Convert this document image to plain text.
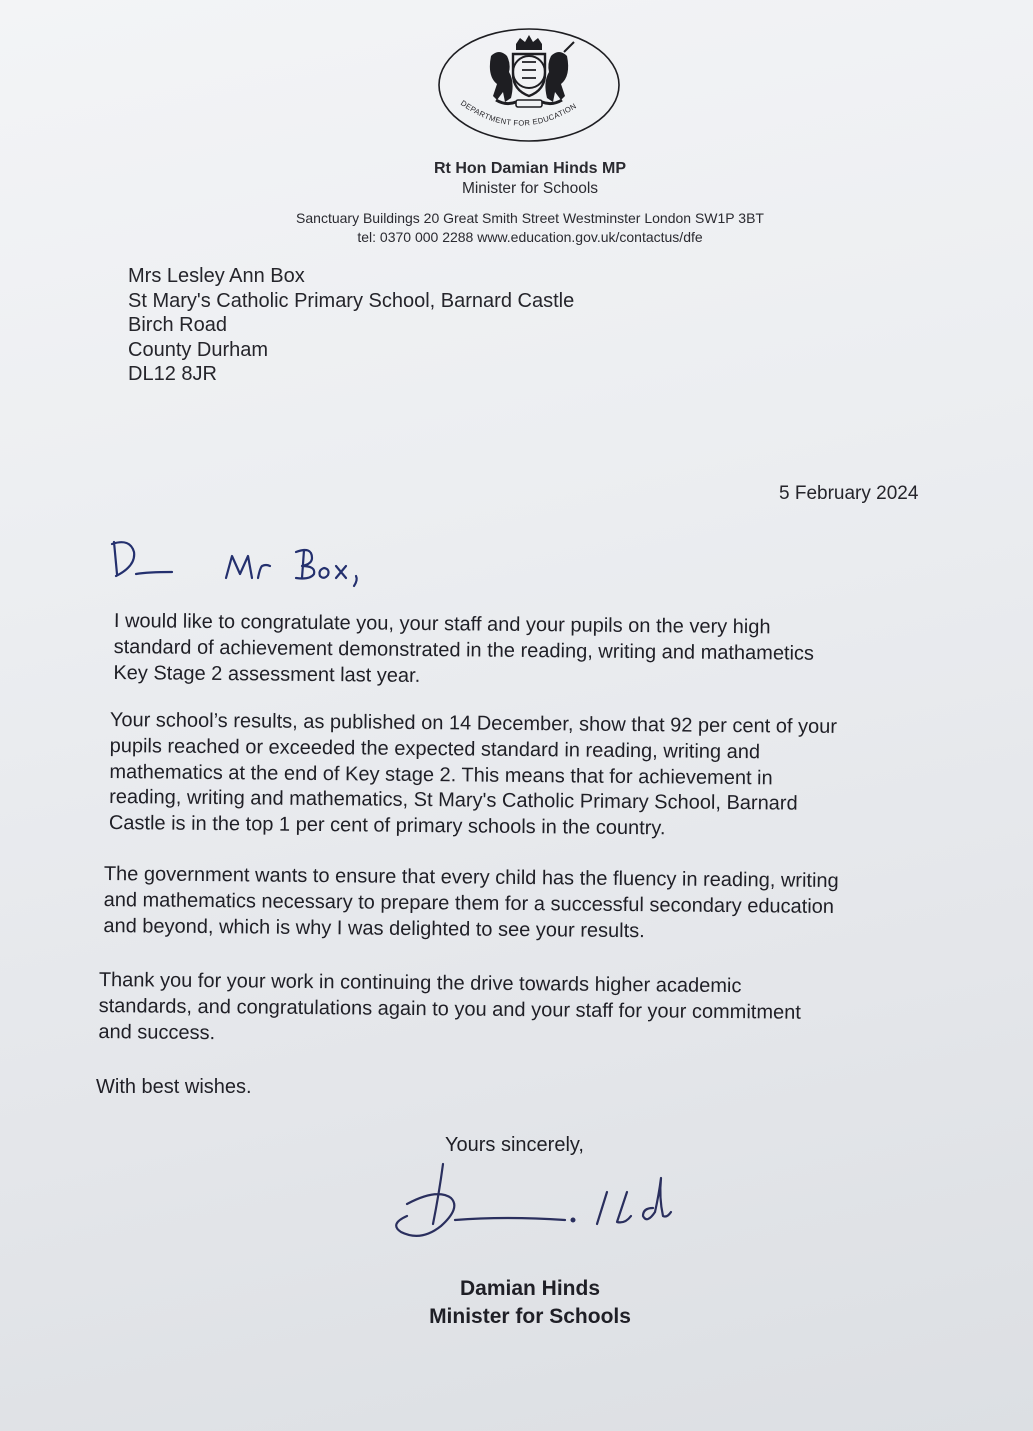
DEPARTMENT FOR EDUCATION
Rt Hon Damian Hinds MP
Minister for Schools
Sanctuary Buildings 20 Great Smith Street Westminster London SW1P 3BT
tel: 0370 000 2288 www.education.gov.uk/contactus/dfe
Mrs Lesley Ann Box
St Mary's Catholic Primary School, Barnard Castle
Birch Road
County Durham
DL12 8JR
5 February 2024
I would like to congratulate you, your staff and your pupils on the very high
standard of achievement demonstrated in the reading, writing and mathametics
Key Stage 2 assessment last year.
Your school’s results, as published on 14 December, show that 92 per cent of your
pupils reached or exceeded the expected standard in reading, writing and
mathematics at the end of Key stage 2. This means that for achievement in
reading, writing and mathematics, St Mary's Catholic Primary School, Barnard
Castle is in the top 1 per cent of primary schools in the country.
The government wants to ensure that every child has the fluency in reading, writing
and mathematics necessary to prepare them for a successful secondary education
and beyond, which is why I was delighted to see your results.
Thank you for your work in continuing the drive towards higher academic
standards, and congratulations again to you and your staff for your commitment
and success.
With best wishes.
Yours sincerely,
Damian Hinds
Minister for Schools
